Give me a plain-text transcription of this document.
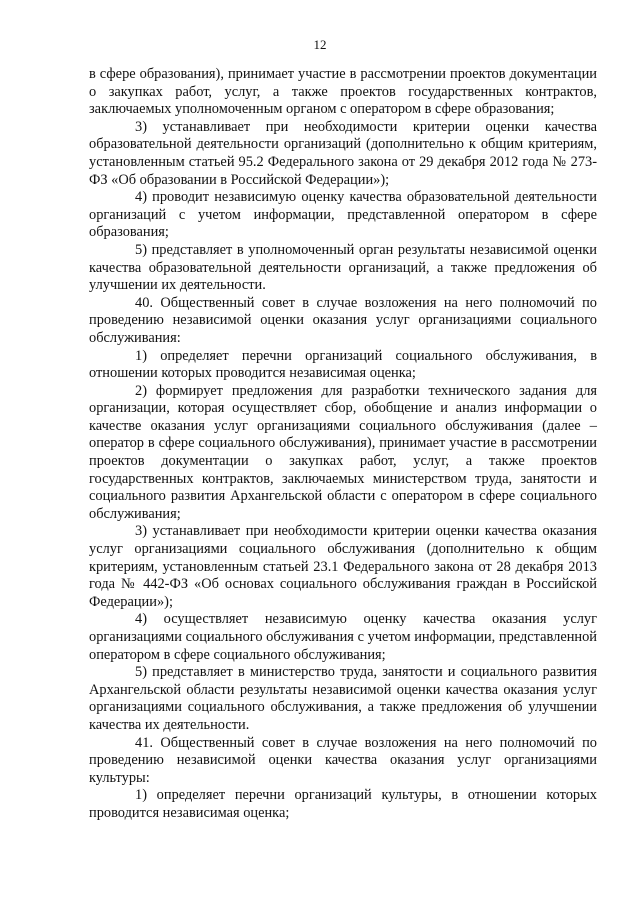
12

в сфере образования), принимает участие в рассмотрении проектов документации о закупках работ, услуг, а также проектов государственных контрактов, заключаемых уполномоченным органом с оператором в сфере образования;

3) устанавливает при необходимости критерии оценки качества образовательной деятельности организаций (дополнительно к общим критериям, установленным статьей 95.2 Федерального закона от 29 декабря 2012 года № 273-ФЗ «Об образовании в Российской Федерации»);

4) проводит независимую оценку качества образовательной деятельности организаций с учетом информации, представленной оператором в сфере образования;

5) представляет в уполномоченный орган результаты независимой оценки качества образовательной деятельности организаций, а также предложения об улучшении их деятельности.

40. Общественный совет в случае возложения на него полномочий по проведению независимой оценки оказания услуг организациями социального обслуживания:

1) определяет перечни организаций социального обслуживания, в отношении которых проводится независимая оценка;

2) формирует предложения для разработки технического задания для организации, которая осуществляет сбор, обобщение и анализ информации о качестве оказания услуг организациями социального обслуживания (далее – оператор в сфере социального обслуживания), принимает участие в рассмотрении проектов документации о закупках работ, услуг, а также проектов государственных контрактов, заключаемых министерством труда, занятости и социального развития Архангельской области с оператором в сфере социального обслуживания;

3) устанавливает при необходимости критерии оценки качества оказания услуг организациями социального обслуживания (дополнительно к общим критериям, установленным статьей 23.1 Федерального закона от 28 декабря 2013 года № 442-ФЗ «Об основах социального обслуживания граждан в Российской Федерации»);

4) осуществляет независимую оценку качества оказания услуг организациями социального обслуживания с учетом информации, представленной оператором в сфере социального обслуживания;

5) представляет в министерство труда, занятости и социального развития Архангельской области результаты независимой оценки качества оказания услуг организациями социального обслуживания, а также предложения об улучшении качества их деятельности.

41. Общественный совет в случае возложения на него полномочий по проведению независимой оценки качества оказания услуг организациями культуры:

1) определяет перечни организаций культуры, в отношении которых проводится независимая оценка;
